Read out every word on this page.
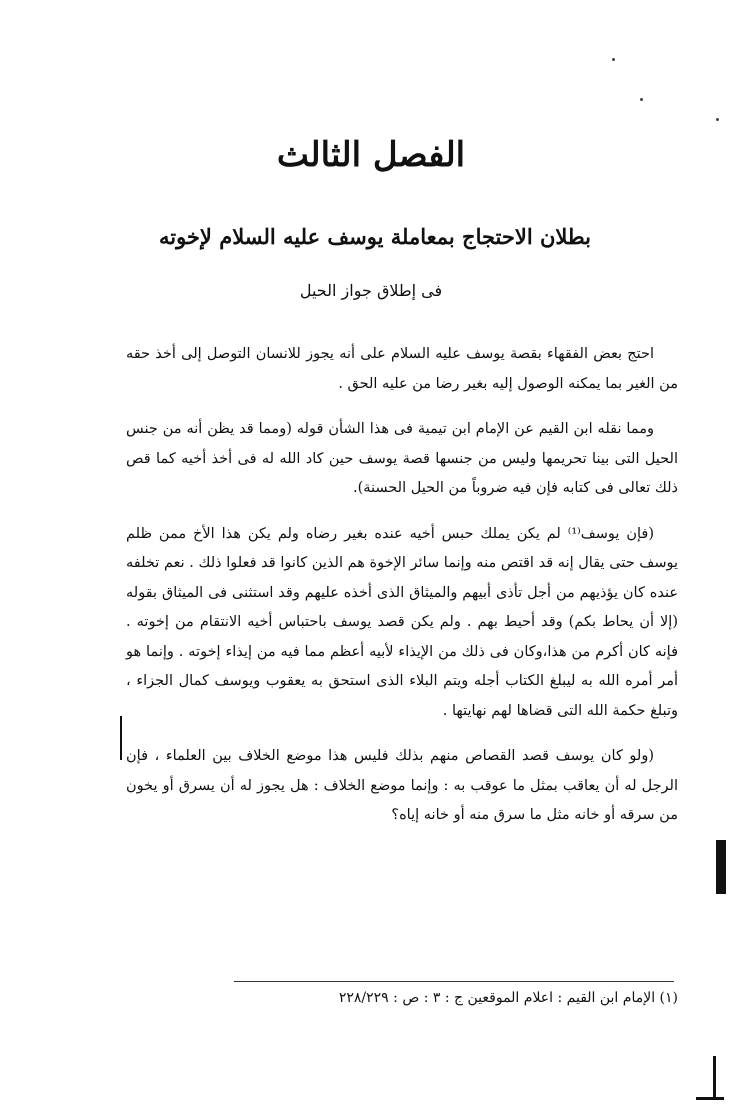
الفصل الثالث
بطلان الاحتجاج بمعاملة يوسف عليه السلام لإخوته
فى إطلاق جواز الحيل

احتج بعض الفقهاء بقصة يوسف عليه السلام على أنه يجوز للانسان التوصل إلى أخذ حقه من الغير بما يمكنه الوصول إليه بغير رضا من عليه الحق .

ومما نقله ابن القيم عن الإمام ابن تيمية فى هذا الشأن قوله (ومما قد يظن أنه من جنس الحيل التى بينا تحريمها وليس من جنسها قصة يوسف حين كاد الله له فى أخذ أخيه كما قص ذلك تعالى فى كتابه فإن فيه ضروباً من الحيل الحسنة).

(فإن يوسف⁽¹⁾ لم يكن يملك حبس أخيه عنده بغير رضاه ولم يكن هذا الأخ ممن ظلم يوسف حتى يقال إنه قد اقتص منه وإنما سائر الإخوة هم الذين كانوا قد فعلوا ذلك . نعم تخلفه عنده كان يؤذيهم من أجل تأذى أبيهم والميثاق الذى أخذه عليهم وقد استثنى فى الميثاق بقوله (إلا أن يحاط بكم) وقد أحيط بهم . ولم يكن قصد يوسف باحتباس أخيه الانتقام من إخوته . فإنه كان أكرم من هذا،وكان فى ذلك من الإيذاء لأبيه أعظم مما فيه من إيذاء إخوته . وإنما هو أمر أمره الله به ليبلغ الكتاب أجله ويتم البلاء الذى استحق به يعقوب ويوسف كمال الجزاء ، وتبلغ حكمة الله التى قضاها لهم نهايتها .

(ولو كان يوسف قصد القصاص منهم بذلك فليس هذا موضع الخلاف بين العلماء ، فإن الرجل له أن يعاقب بمثل ما عوقب به : وإنما موضع الخلاف : هل يجوز له أن يسرق أو يخون من سرقه أو خانه مثل ما سرق منه أو خانه إياه؟

(١) الإمام ابن القيم : اعلام الموقعين ج : ٣ : ص : ٢٢٨/٢٢٩
